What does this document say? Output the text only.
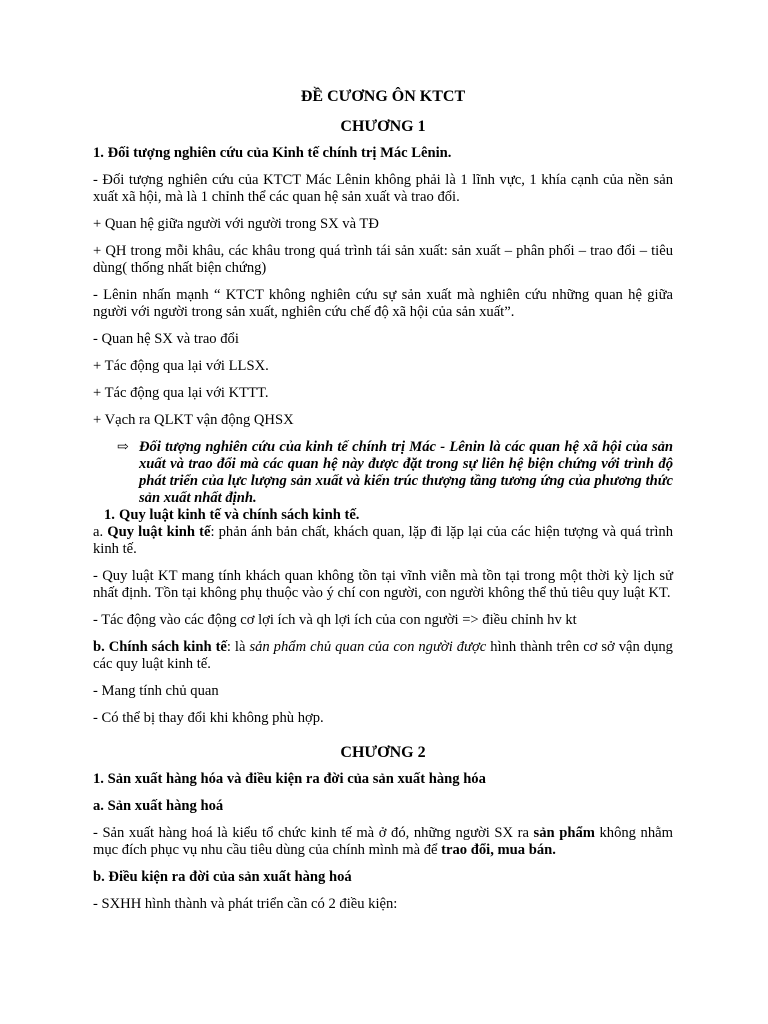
ĐỀ CƯƠNG ÔN KTCT
CHƯƠNG 1

1. Đối tượng nghiên cứu của Kinh tế chính trị Mác Lênin.

- Đối tượng nghiên cứu của KTCT Mác Lênin không phải là 1 lĩnh vực, 1 khía cạnh của nền sản xuất xã hội, mà là 1 chỉnh thể các quan hệ sản xuất và trao đổi.

+ Quan hệ giữa người với người trong SX và TĐ

+ QH trong mỗi khâu, các khâu trong quá trình tái sản xuất: sản xuất – phân phối – trao đổi – tiêu dùng( thống nhất biện chứng)

- Lênin nhấn mạnh “ KTCT không nghiên cứu sự sản xuất mà nghiên cứu những quan hệ giữa người với người trong sản xuất, nghiên cứu chế độ xã hội của sản xuất”.

- Quan hệ SX và trao đổi

+ Tác động qua lại với LLSX.

+ Tác động qua lại với KTTT.

+ Vạch ra QLKT vận động QHSX

⇨ Đối tượng nghiên cứu của kinh tế chính trị Mác - Lênin là các quan hệ xã hội của sản xuất và trao đổi mà các quan hệ này được đặt trong sự liên hệ biện chứng với trình độ phát triển của lực lượng sản xuất và kiến trúc thượng tầng tương ứng của phương thức sản xuất nhất định.
1. Quy luật kinh tế và chính sách kinh tế.

a. Quy luật kinh tế: phản ánh bản chất, khách quan, lặp đi lặp lại của các hiện tượng và quá trình kinh tế.

- Quy luật KT mang tính khách quan không tồn tại vĩnh viễn mà tồn tại trong một thời kỳ lịch sử nhất định. Tồn tại không phụ thuộc vào ý chí con người, con người không thể thủ tiêu quy luật KT.

- Tác động vào các động cơ lợi ích và qh lợi ích của con người => điều chỉnh hv kt

b. Chính sách kinh tế: là sản phẩm chủ quan của con người được hình thành trên cơ sở vận dụng các quy luật kinh tế.

- Mang tính chủ quan

- Có thể bị thay đổi khi không phù hợp.

CHƯƠNG 2

1. Sản xuất hàng hóa và điều kiện ra đời của sản xuất hàng hóa

a. Sản xuất hàng hoá

- Sản xuất hàng hoá là kiểu tổ chức kinh tế mà ở đó, những người SX ra sản phẩm không nhằm mục đích phục vụ nhu cầu tiêu dùng của chính mình mà để trao đổi, mua bán.

b. Điều kiện ra đời của sản xuất hàng hoá

- SXHH hình thành và phát triển cần có 2 điều kiện:
